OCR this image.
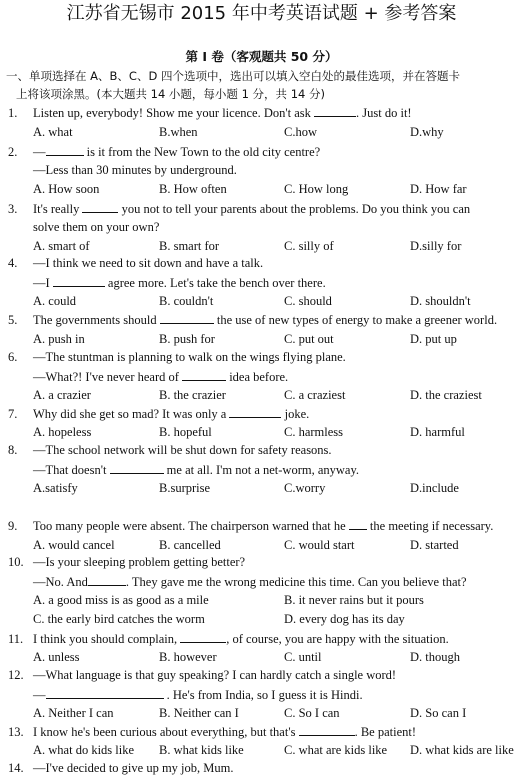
江苏省无锡市 2015 年中考英语试题 + 参考答案
第 I 卷（客观题共 50 分）
一、单项选择在 A、B、C、D 四个选项中，选出可以填入空白处的最佳选项，并在答题卡
上将该项涂黑。(本大题共 14 小题，每小题 1 分，共 14 分)
1. Listen up, everybody! Show me your licence. Don't ask	. Just do it!
A. what	B.when	C.how	D.why
2. —	is it from the New Town to the old city centre?
—Less than 30 minutes by underground.
A. How soon	B. How often	C. How long	D. How far
3. It's really	you not to tell your parents about the problems. Do you think you can
solve them on your own?
A. smart of	B. smart for	C. silly of	D.silly for
4. —I think we need to sit down and have a talk.
—I	agree more. Let's take the bench over there.
A. could	B. couldn't	C. should	D. shouldn't
5. The governments should	the use of new types of energy to make a greener world.
A. push in	B. push for	C. put out	D. put up
6. —The stuntman is planning to walk on the wings flying plane.
—What?! I've never heard of	idea before.
A. a crazier	B. the crazier	C. a craziest	D. the craziest
7. Why did she get so mad? It was only a	joke.
A. hopeless	B. hopeful	C. harmless	D. harmful
8. —The school network will be shut down for safety reasons.
—That doesn't	me at all. I'm not a net-worm, anyway.
A.satisfy	B.surprise	C.worry	D.include
9. Too many people were absent. The chairperson warned that he  the meeting if necessary.
A. would cancel	B. cancelled	C. would start	D. started
10. —Is your sleeping problem getting better?
—No. And	. They gave me the wrong medicine this time. Can you believe that?
A. a good miss is as good as a mile	B. it never rains but it pours
C. the early bird catches the worm	D. every dog has its day
11. I think you should complain,	, of course, you are happy with the situation.
A. unless	B. however	C. until	D. though
12. —What language is that guy speaking? I can hardly catch a single word!
—	. He's from India, so I guess it is Hindi.
A. Neither I can	B. Neither can I	C. So I can	D. So can I
13. I know he's been curious about everything, but that's	. Be patient!
A. what do kids like B. what kids like	C. what are kids like D. what kids are like
14. —I've decided to give up my job, Mum.
